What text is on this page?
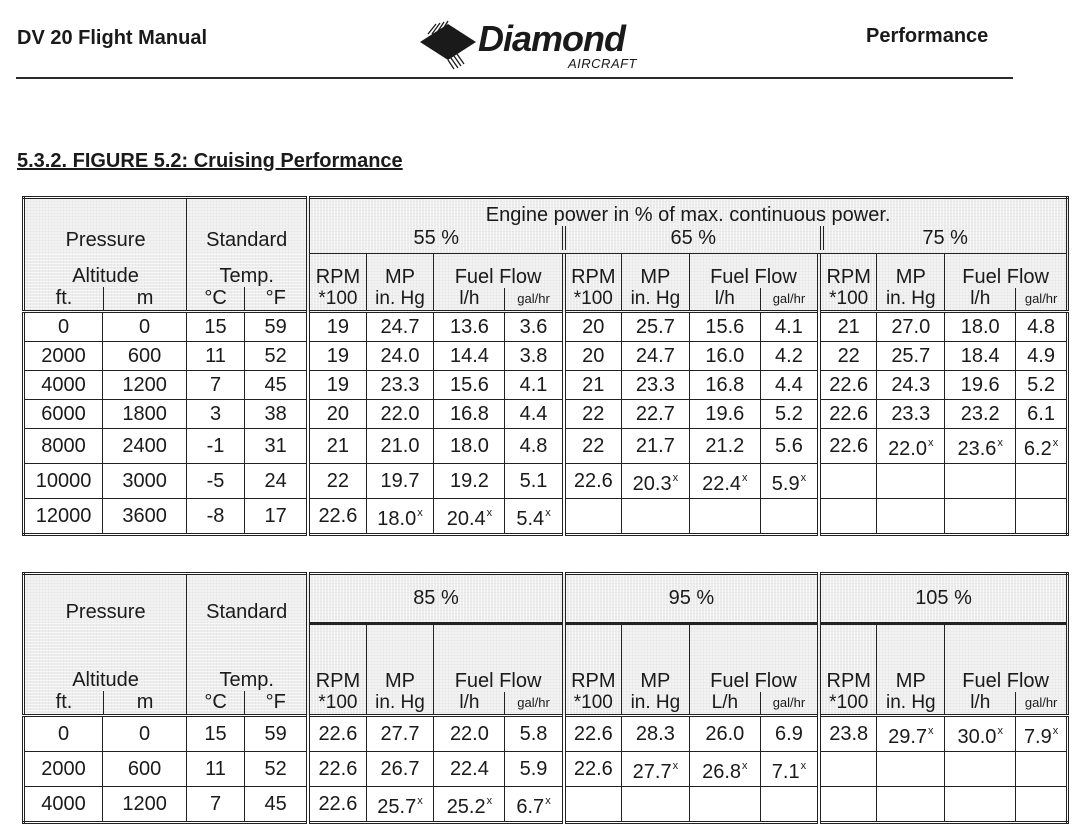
DV 20 Flight Manual	Diamond
AIRCRAFT
Performance
5.3.2. FIGURE 5.2: Cruising Performance
Pressure		Standard		Engine power in % of max. continuous power.
55 % 65 % 75 %											

Altitude
ft. m		Temp.
°C °F		RPM
*100	MP
in. Hg	Fuel Flow
l/h gal/hr		RPM
*100	MP
in. Hg	Fuel Flow
l/h gal/hr		RPM
*100	MP
in. Hg	Fuel Flow
l/h gal/hr	

0	0	15	59	19	24.7	13.6	3.6	20	25.7	15.6	4.1	21	27.0	18.0	4.8
2000	600	11	52	19	24.0	14.4	3.8	20	24.7	16.0	4.2	22	25.7	18.4	4.9
4000	1200	7	45	19	23.3	15.6	4.1	21	23.3	16.8	4.4	22.6	24.3	19.6	5.2
6000	1800	3	38	20	22.0	16.8	4.4	22	22.7	19.6	5.2	22.6	23.3	23.2	6.1
8000	2400	-1	31	21	21.0	18.0	4.8	22	21.7	21.2	5.6	22.6	22.0$^x$	23.6$^x$	6.2$^x$
10000	3000	-5	24	22	19.7	19.2	5.1	22.6	20.3$^x$	22.4$^x$	5.9$^x$				
12000	3600	-8	17	22.6	18.0$^x$	20.4$^x$	5.4$^x$								
Pressure		Standard		85 %				95 %				105 %			

Altitude
ft. m		Temp.
°C °F		RPM
*100	MP
in. Hg	Fuel Flow
l/h gal/hr		RPM
*100	MP
in. Hg	Fuel Flow
L/h gal/hr		RPM
*100	MP
in. Hg	Fuel Flow
l/h gal/hr	

0	0	15	59	22.6	27.7	22.0	5.8	22.6	28.3	26.0	6.9	23.8	29.7$^x$	30.0$^x$	7.9$^x$
2000	600	11	52	22.6	26.7	22.4	5.9	22.6	27.7$^x$	26.8$^x$	7.1$^x$				
4000	1200	7	45	22.6	25.7$^x$	25.2$^x$	6.7$^x$								
